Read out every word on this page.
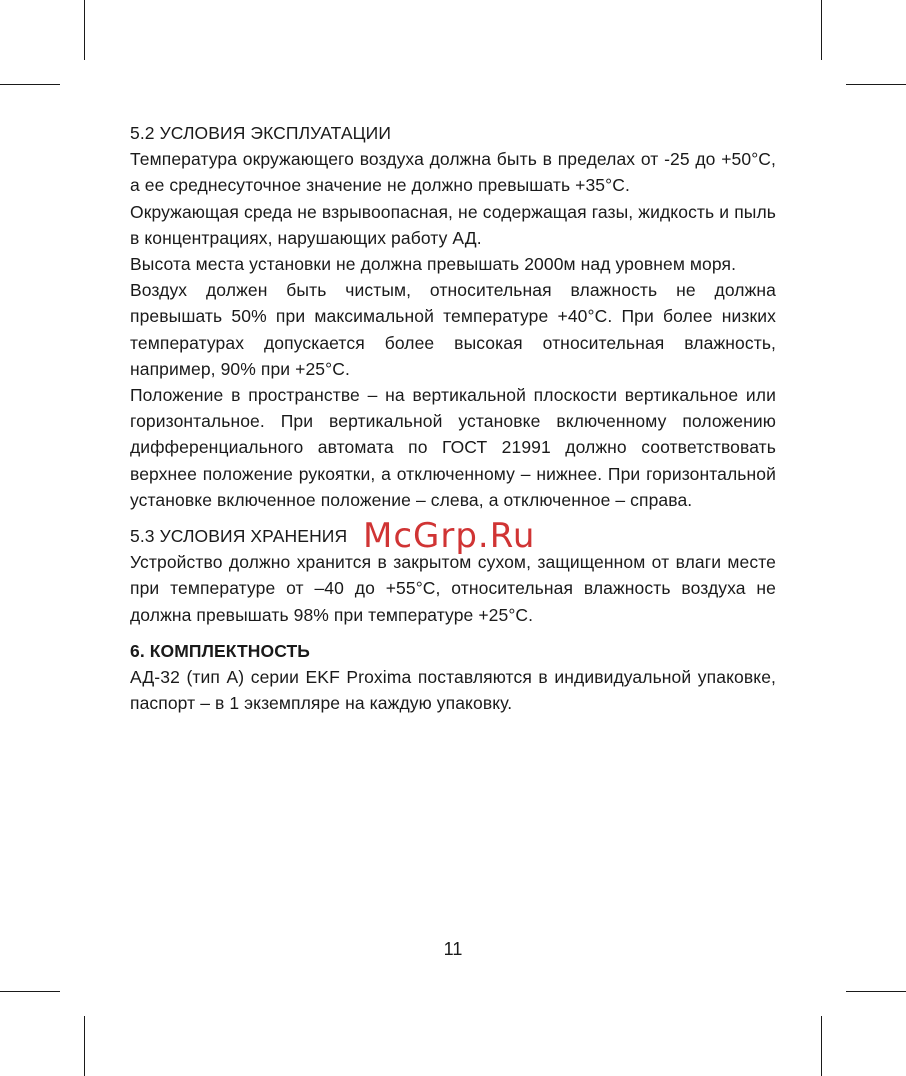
5.2 УСЛОВИЯ ЭКСПЛУАТАЦИИ

Температура окружающего воздуха должна быть в пределах от -25 до +50°С, а ее среднесуточное значение не должно превышать +35°С.

Окружающая среда не взрывоопасная, не содержащая газы, жидкость и пыль в концентрациях, нарушающих работу АД.

Высота места установки не должна превышать 2000м над уровнем моря.

Воздух должен быть чистым, относительная влажность не должна превышать 50% при максимальной температуре +40°С. При более низких температурах допускается более высокая относительная влажность, например, 90% при +25°С.

Положение в пространстве – на вертикальной плоскости вертикальное или горизонтальное. При вертикальной установке включенному положению дифференциального автомата по ГОСТ 21991 должно соответствовать верхнее положение рукоятки, а отключенному – нижнее. При горизонтальной установке включенное положение – слева, а отключенное – справа.

5.3 УСЛОВИЯ ХРАНЕНИЯ

Устройство должно хранится в закрытом сухом, защищенном от влаги месте при температуре от –40 до +55°С, относительная влажность воздуха не должна превышать 98% при температуре +25°С.

6. КОМПЛЕКТНОСТЬ

АД-32 (тип А) серии EKF Proxima поставляются в индивидуальной упаковке, паспорт – в 1 экземпляре на каждую упаковку.

McGrp.Ru
11
